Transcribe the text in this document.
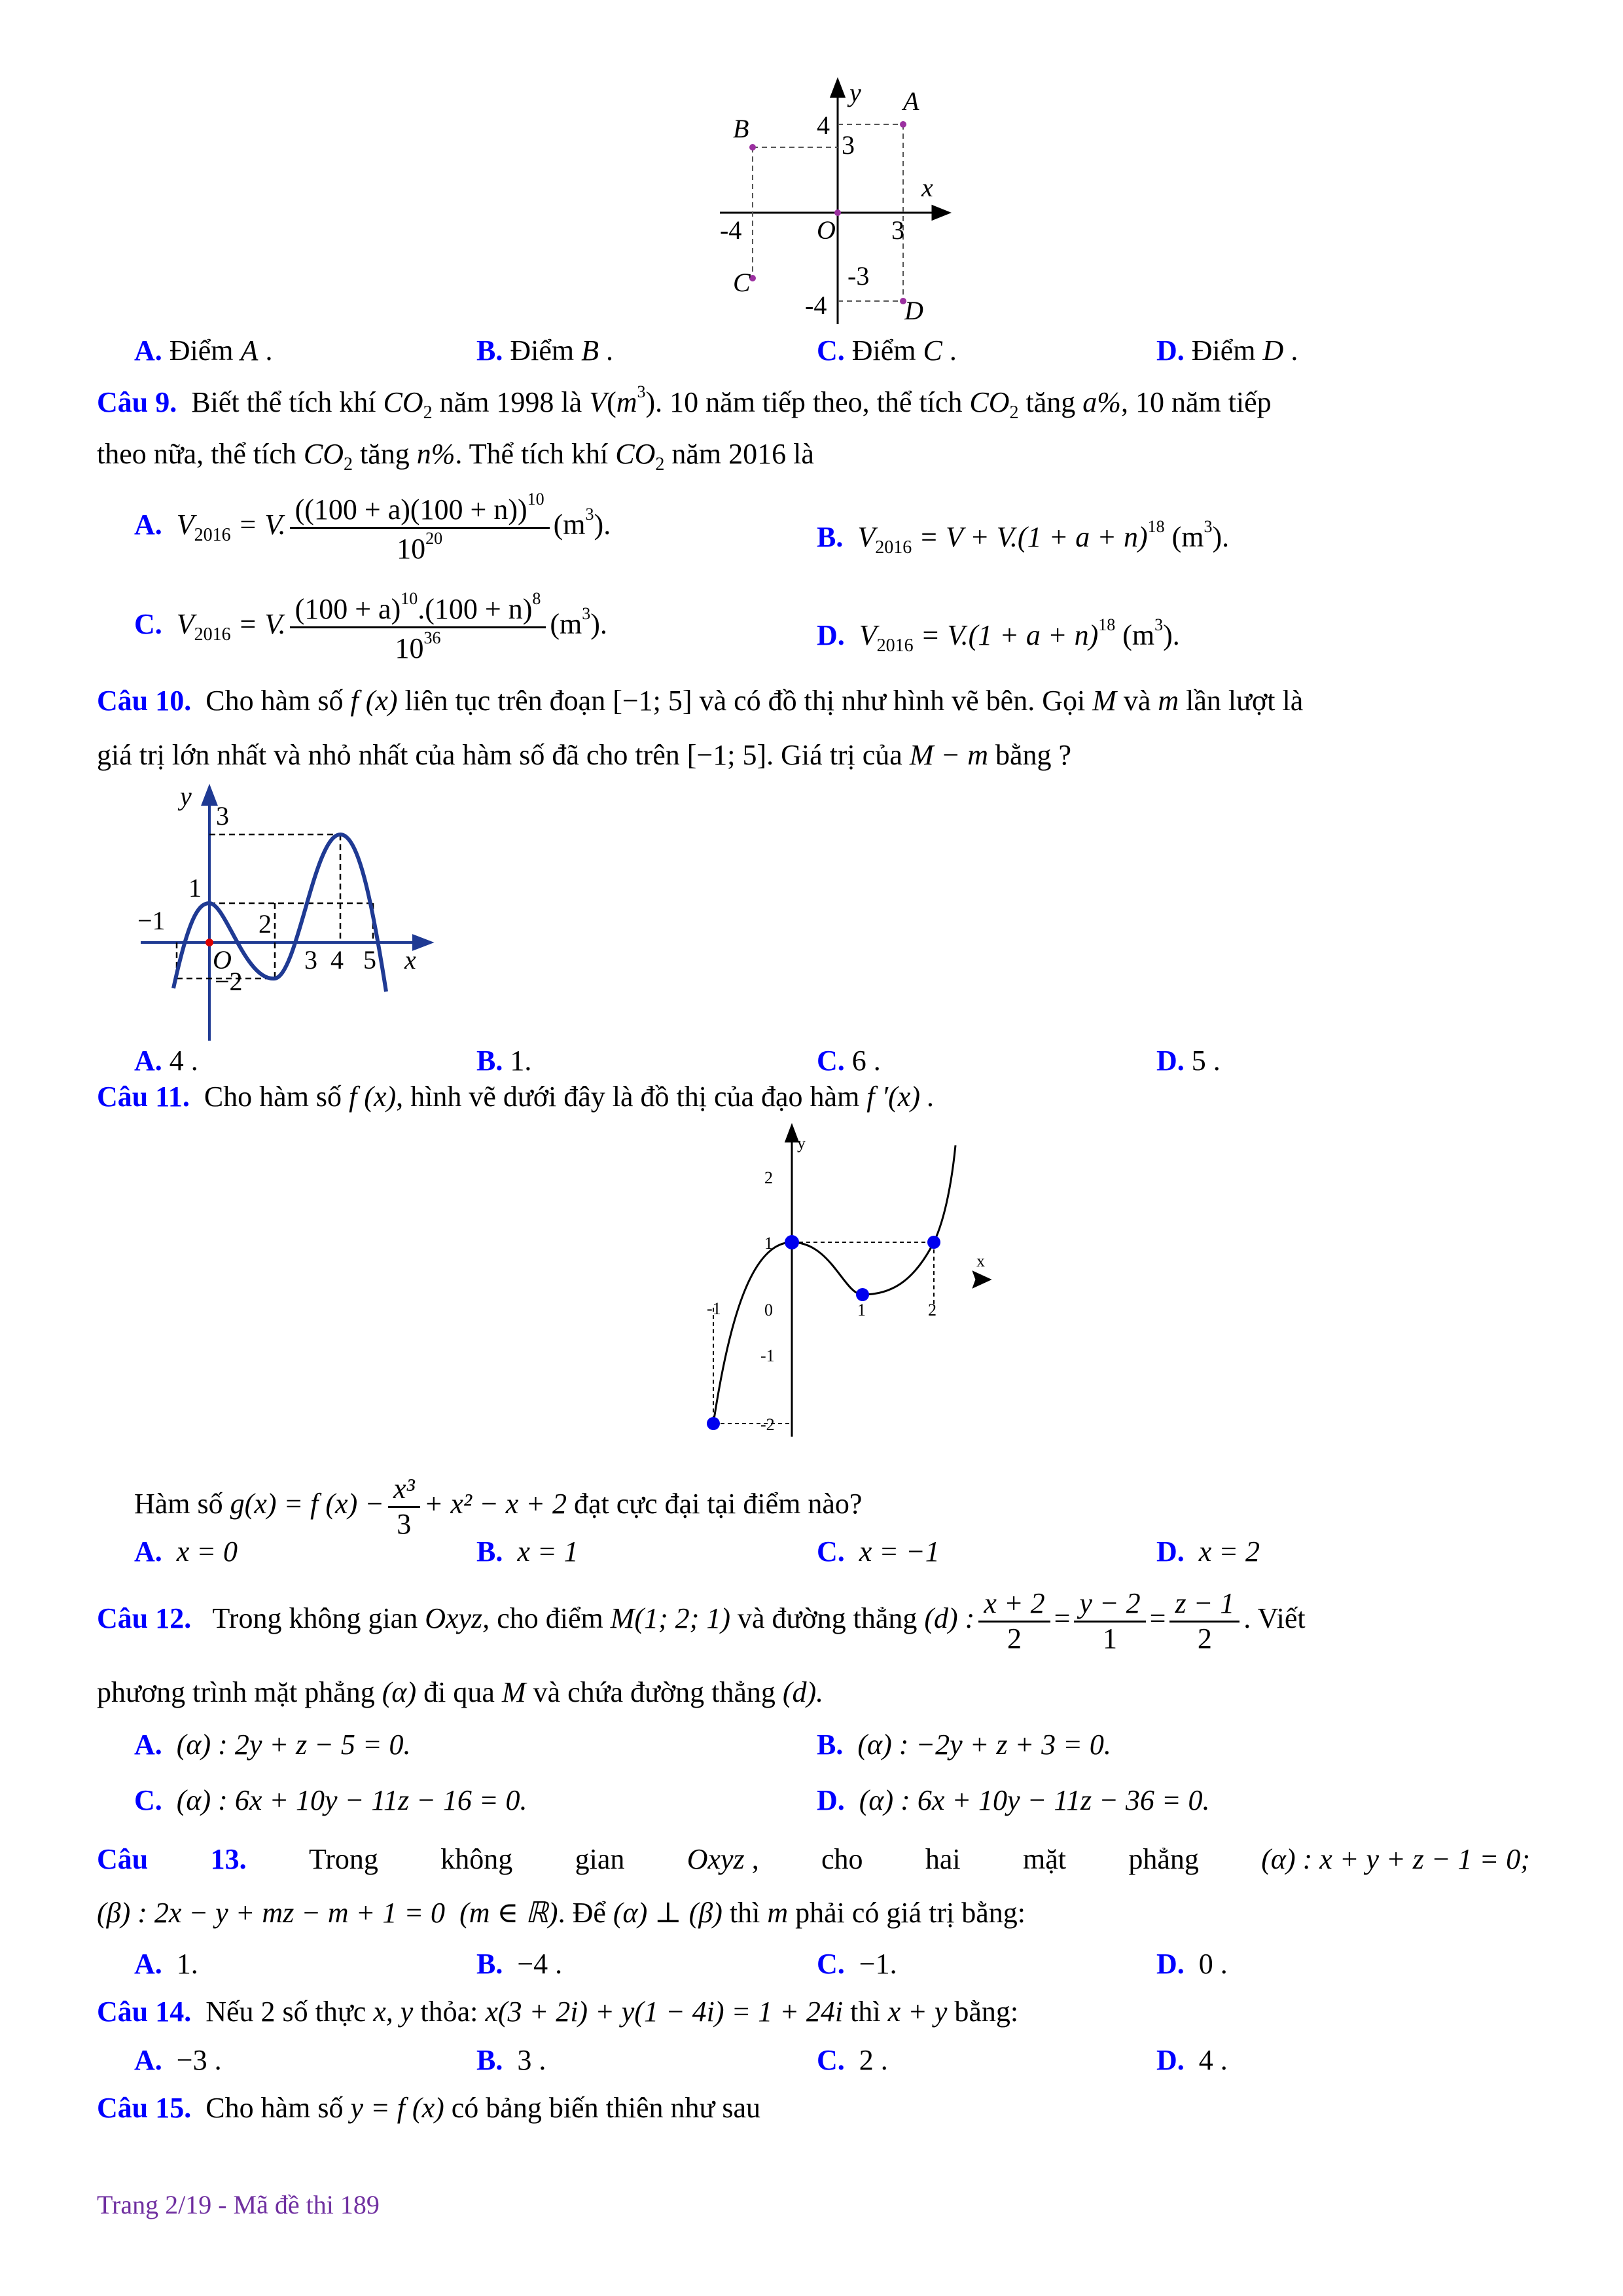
y A
B	4
3
x
-4	O 3
C	-3
-4	D
A. Điểm A .	B. Điểm B .	C. Điểm C .	D. Điểm D .
Câu 9. Biết thể tích khí $CO_2$ năm 1998 là $V(m^3)$. 10 năm tiếp theo, thể tích $CO_2$ tăng a%, 10 năm tiếp
theo nữa, thể tích $CO_2$ tăng n%. Thể tích khí $CO_2$ năm 2016 là
A. $V_{2016} = V$. $\frac{((100 + a)(100 + n))^{10}}{10^{20}} (m^3)$.	B. $V_{2016} = V + V.(1 + a + n)^{18}$ $(m^3)$.
C. $V_{2016} = V$. $\frac{(100 + a)^{10}.(100 + n)^8}{10^{36}} (m^3)$.	D. $V_{2016} = V.(1 + a + n)^{18}$ $(m^3)$.
Câu 10. Cho hàm số f (x) liên tục trên đoạn [−1; 5] và có đồ thị như hình vẽ bên. Gọi M và m lần lượt là
giá trị lớn nhất và nhỏ nhất của hàm số đã cho trên [−1; 5]. Giá trị của M − m bằng ?
y
3
1
−1	2
O	3 4 5 x
−2
A. 4 .	B. 1.	C. 6 .	D. 5 .
Câu 11. Cho hàm số f (x), hình vẽ dưới đây là đồ thị của đạo hàm f ′(x) .
y
2
1
0
-1
-2
1	2
-1
x
Hàm số g(x) = f $(x) - \frac{\text{x³}}{3} + x^2 - x + 2$ đạt cực đại tại điểm nào?
A. x = 0	B. x = 1	C. x = −1	D. x = 2
Câu 12. Trong không gian Oxyz, cho điểm M(1; 2; 1) và đường thẳng (d) : $\frac{x + 2}{2} = \frac{y - 2}{1} = \frac{z - 1}{2}$ . Viết
phương trình mặt phẳng (α) đi qua M và chứa đường thẳng (d).
A. (α) : 2y + z − 5 = 0.	B. (α) : −2y + z + 3 = 0.
C. (α) : 6x + 10y − 11z − 16 = 0.	D. (α) : 6x + 10y − 11z − 36 = 0.
Câu 13. Trong không gian Oxyz , cho hai mặt phẳng (α) : x + y + z − 1 = 0;
(β) : 2x − y + mz − m + 1 = 0 (m ∈ ℝ). Để (α) ⊥ (β) thì m phải có giá trị bằng:
A. 1.	B. −4 .	C. −1.	D. 0 .
Câu 14. Nếu 2 số thực x, y thỏa: x(3 + 2i) + y(1 − 4i) = 1 + 24i thì x + y bằng:
A. −3 .	B. 3 .	C. 2 .	D. 4 .
Câu 15. Cho hàm số y = f (x) có bảng biến thiên như sau
Trang 2/19 - Mã đề thi 189
